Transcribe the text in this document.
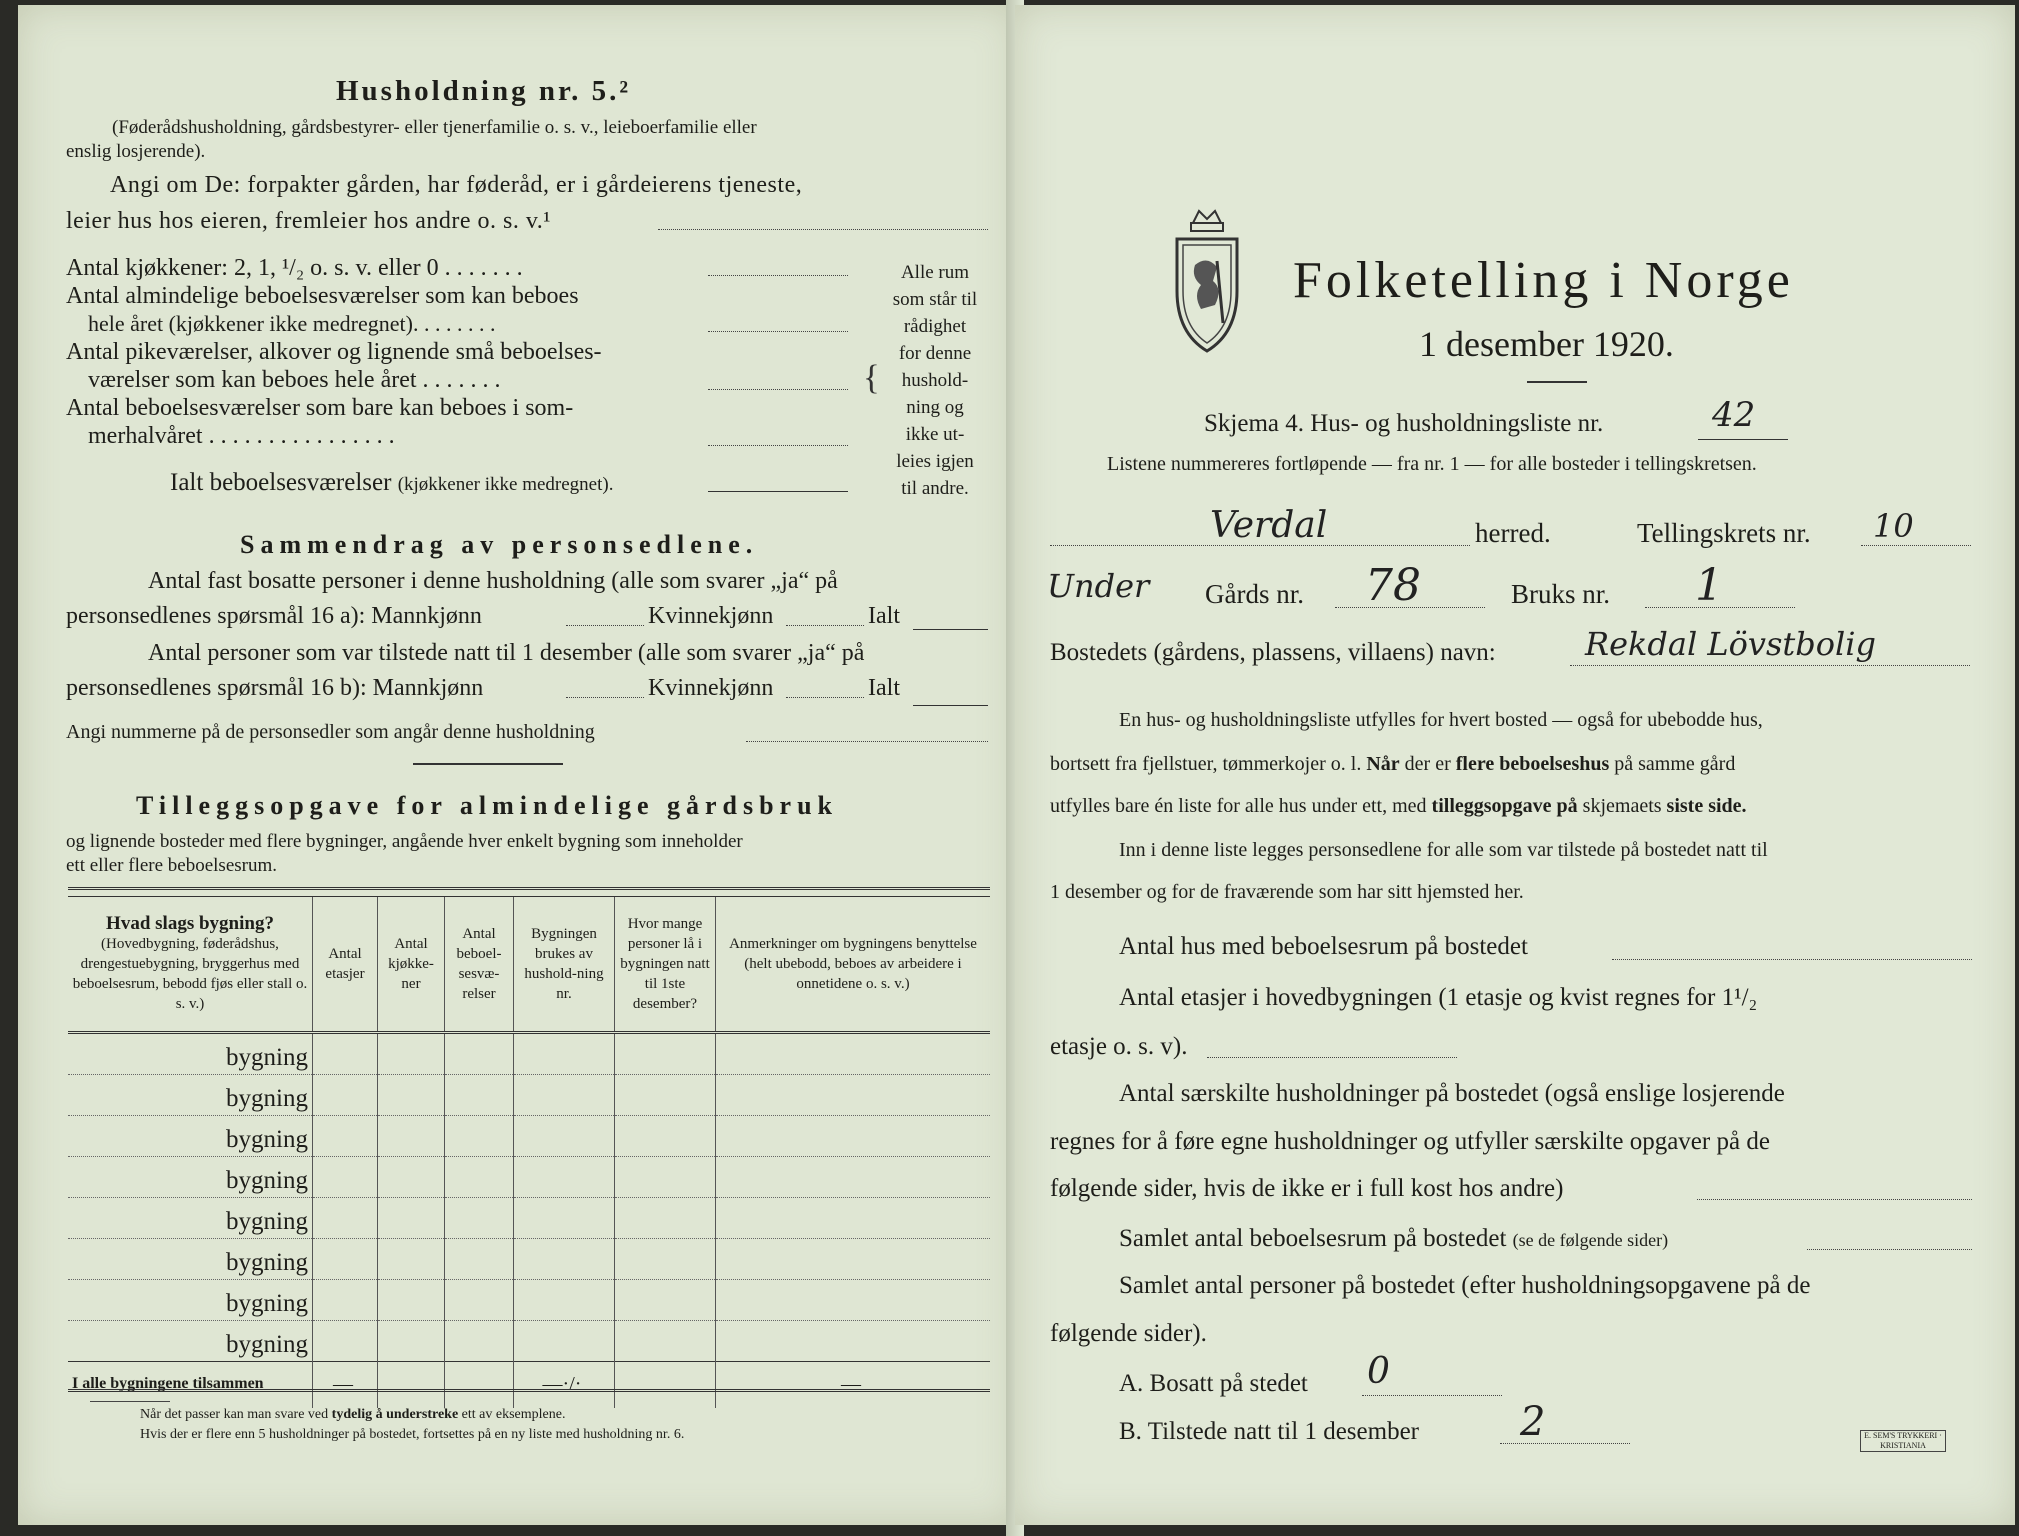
Husholdning nr. 5.²
(Føderådshusholdning, gårdsbestyrer- eller tjenerfamilie o. s. v., leieboerfamilie eller
enslig losjerende).
Angi om De: forpakter gården, har føderåd, er i gårdeierens tjeneste,
leier hus hos eieren, fremleier hos andre o. s. v.¹
Antal kjøkkener: 2, 1, ¹/₂ o. s. v. eller 0 . . . . . . .
Antal almindelige beboelsesværelser som kan beboes
hele året (kjøkkener ikke medregnet). . . . . . . .
Antal pikeværelser, alkover og lignende små beboelses-
værelser som kan beboes hele året . . . . . . .
Antal beboelsesværelser som bare kan beboes i som-
merhalvåret . . . . . . . . . . . . . . . .
Ialt beboelsesværelser (kjøkkener ikke medregnet).
{
Alle rum
som står til
rådighet
for denne
hushold-
ning og
ikke ut-
leies igjen
til andre.
Sammendrag av personsedlene.
Antal fast bosatte personer i denne husholdning (alle som svarer „ja“ på
personsedlenes spørsmål 16 a): Mannkjønn	Kvinnekjønn	Ialt
Antal personer som var tilstede natt til 1 desember (alle som svarer „ja“ på
personsedlenes spørsmål 16 b): Mannkjønn	Kvinnekjønn	Ialt
Angi nummerne på de personsedler som angår denne husholdning
Tilleggsopgave for almindelige gårdsbruk
og lignende bosteder med flere bygninger, angående hver enkelt bygning som inneholder
ett eller flere beboelsesrum.
Hvad slags bygning?
(Hovedbygning, føderådshus, drengestuebygning, bryggerhus med beboelsesrum, bebodd fjøs eller stall o. s. v.)	Antal etasjer	Antal kjøkke-ner	Antal beboel-sesvæ-relser	Bygningen brukes av hushold-ning nr.	Hvor mange personer lå i bygningen natt til 1ste desember?	Anmerkninger om bygningens benyttelse (helt ubebodd, beboes av arbeidere i onnetidene o. s. v.)
bygning						
bygning						
bygning						
bygning						
bygning						
bygning						
bygning						
bygning						
I alle bygningene tilsammen	—			—·/·		—
Når det passer kan man svare ved tydelig å understreke ett av eksemplene.
Hvis der er flere enn 5 husholdninger på bostedet, fortsettes på en ny liste med husholdning nr. 6.
Folketelling i Norge
1 desember 1920.
Skjema 4. Hus- og husholdningsliste nr.	42
Listene nummereres fortløpende — fra nr. 1 — for alle bosteder i tellingskretsen.
Verdal	herred.	Tellingskrets nr. 10
Under Gårds nr. 78	Bruks nr. 1
Bostedets (gårdens, plassens, villaens) navn:	Rekdal Lövstbolig
En hus- og husholdningsliste utfylles for hvert bosted — også for ubebodde hus,
bortsett fra fjellstuer, tømmerkojer o. l. Når der er flere beboelseshus på samme gård
utfylles bare én liste for alle hus under ett, med tilleggsopgave på skjemaets siste side.
Inn i denne liste legges personsedlene for alle som var tilstede på bostedet natt til
1 desember og for de fraværende som har sitt hjemsted her.
Antal hus med beboelsesrum på bostedet
Antal etasjer i hovedbygningen (1 etasje og kvist regnes for 1¹/₂
etasje o. s. v).
Antal særskilte husholdninger på bostedet (også enslige losjerende
regnes for å føre egne husholdninger og utfyller særskilte opgaver på de
følgende sider, hvis de ikke er i full kost hos andre)
Samlet antal beboelsesrum på bostedet (se de følgende sider)
Samlet antal personer på bostedet (efter husholdningsopgavene på de
følgende sider).
A. Bosatt på stedet 0
B. Tilstede natt til 1 desember	2	E. SEM'S TRYKKERI · KRISTIANIA
